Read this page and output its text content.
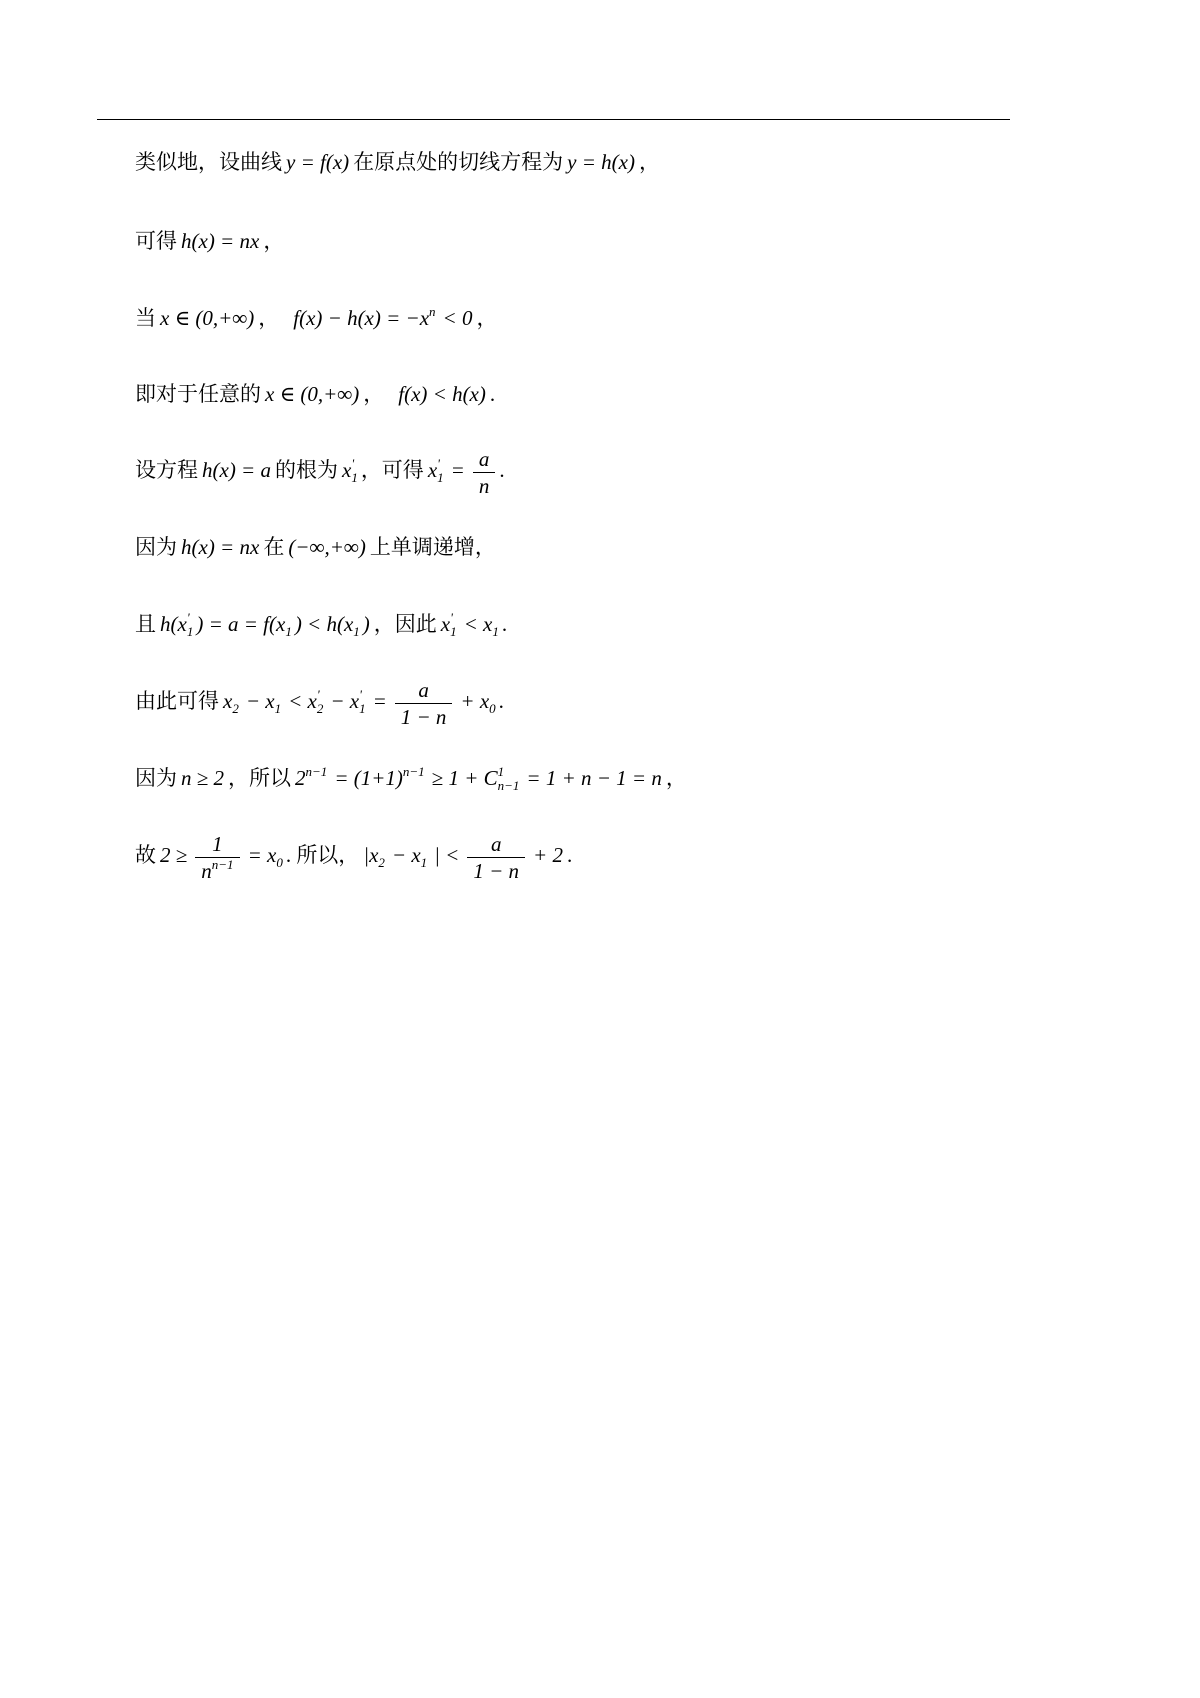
类似地，设曲线 y = f(x) 在原点处的切线方程为 y = h(x) ，
可得 h(x) = nx ，
当 x ∈ (0,+∞) ， $f(x) - h(x) = -x^n < 0$ ，
即对于任意的 x ∈ (0,+∞) ， f(x) < h(x) .
设方程 h(x) = a 的根为 x '
1 ，可得 x '
$1 = \frac{a}{n}$ .
因为 h(x) = nx 在 (−∞,+∞) 上单调递增，
且 h(x '
1 ) = $a = f(x_1$ ) < $h(x_1$ ) ，因此 x '
$1 < x_1$ .
由此可得 $x_2 - x_1 < x$ '
2 − x '
$1 = \frac{a}{1 - n} + x_0$ .
因为 n ≥ 2 ，所以 $2^{n-1} = (1+1)^{n-1} \ge 1 + C$ 1
n−1 = 1 + n − 1 = n ，
故 $2 \ge \frac{1}{n^{n-1}} = x_0$ . 所以， $|x_2 - x_1$ | < $\frac{a}{1 - n} + 2$ .
